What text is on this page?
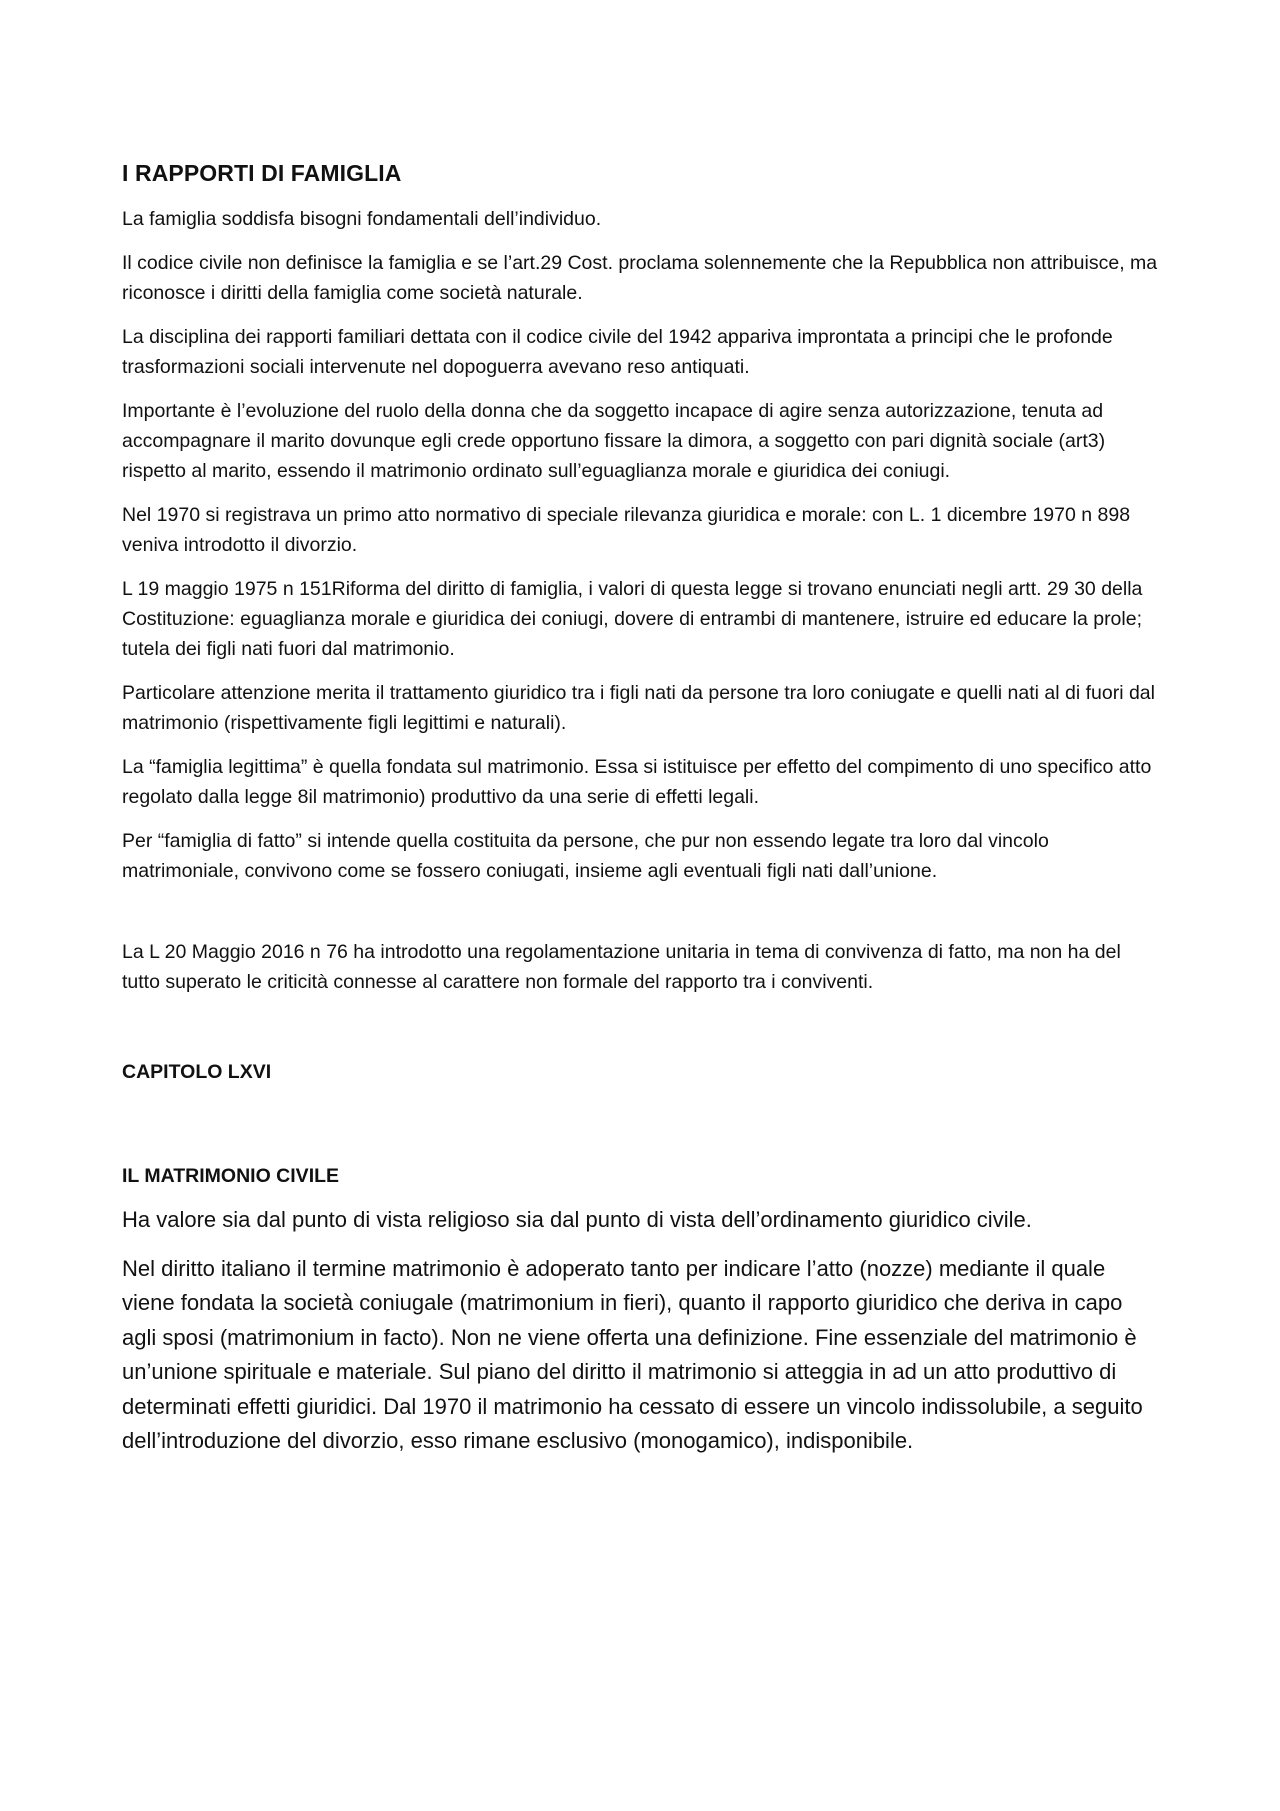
I RAPPORTI DI FAMIGLIA

La famiglia soddisfa bisogni fondamentali dell’individuo.

Il codice civile non definisce la famiglia e se l’art.29 Cost. proclama solennemente che la Repubblica non attribuisce, ma riconosce i diritti della famiglia come società naturale.

La disciplina dei rapporti familiari dettata con il codice civile del 1942 appariva improntata a principi che le profonde trasformazioni sociali intervenute nel dopoguerra avevano reso antiquati.

Importante è l’evoluzione del ruolo della donna che da soggetto incapace di agire senza autorizzazione, tenuta ad accompagnare il marito dovunque egli crede opportuno fissare la dimora, a soggetto con pari dignità sociale (art3) rispetto al marito, essendo il matrimonio ordinato sull’eguaglianza morale e giuridica dei coniugi.

Nel 1970 si registrava un primo atto normativo di speciale rilevanza giuridica e morale: con L. 1 dicembre 1970 n 898 veniva introdotto il divorzio.

L 19 maggio 1975 n 151Riforma del diritto di famiglia, i valori di questa legge si trovano enunciati negli artt. 29 30 della Costituzione: eguaglianza morale e giuridica dei coniugi, dovere di entrambi di mantenere, istruire ed educare la prole; tutela dei figli nati fuori dal matrimonio.

Particolare attenzione merita il trattamento giuridico tra i figli nati da persone tra loro coniugate e quelli nati al di fuori dal matrimonio (rispettivamente figli legittimi e naturali).

La “famiglia legittima” è quella fondata sul matrimonio. Essa si istituisce per effetto del compimento di uno specifico atto regolato dalla legge 8il matrimonio) produttivo da una serie di effetti legali.

Per “famiglia di fatto” si intende quella costituita da persone, che pur non essendo legate tra loro dal vincolo matrimoniale, convivono come se fossero coniugati, insieme agli eventuali figli nati dall’unione.

La L 20 Maggio 2016 n 76 ha introdotto una regolamentazione unitaria in tema di convivenza di fatto, ma non ha del tutto superato le criticità connesse al carattere non formale del rapporto tra i conviventi.

CAPITOLO LXVI
IL MATRIMONIO CIVILE

Ha valore sia dal punto di vista religioso sia dal punto di vista dell’ordinamento giuridico civile.

Nel diritto italiano il termine matrimonio è adoperato tanto per indicare l’atto (nozze) mediante il quale viene fondata la società coniugale (matrimonium in fieri), quanto il rapporto giuridico che deriva in capo agli sposi (matrimonium in facto). Non ne viene offerta una definizione. Fine essenziale del matrimonio è un’unione spirituale e materiale. Sul piano del diritto il matrimonio si atteggia in ad un atto produttivo di determinati effetti giuridici. Dal 1970 il matrimonio ha cessato di essere un vincolo indissolubile, a seguito dell’introduzione del divorzio, esso rimane esclusivo (monogamico), indisponibile.
